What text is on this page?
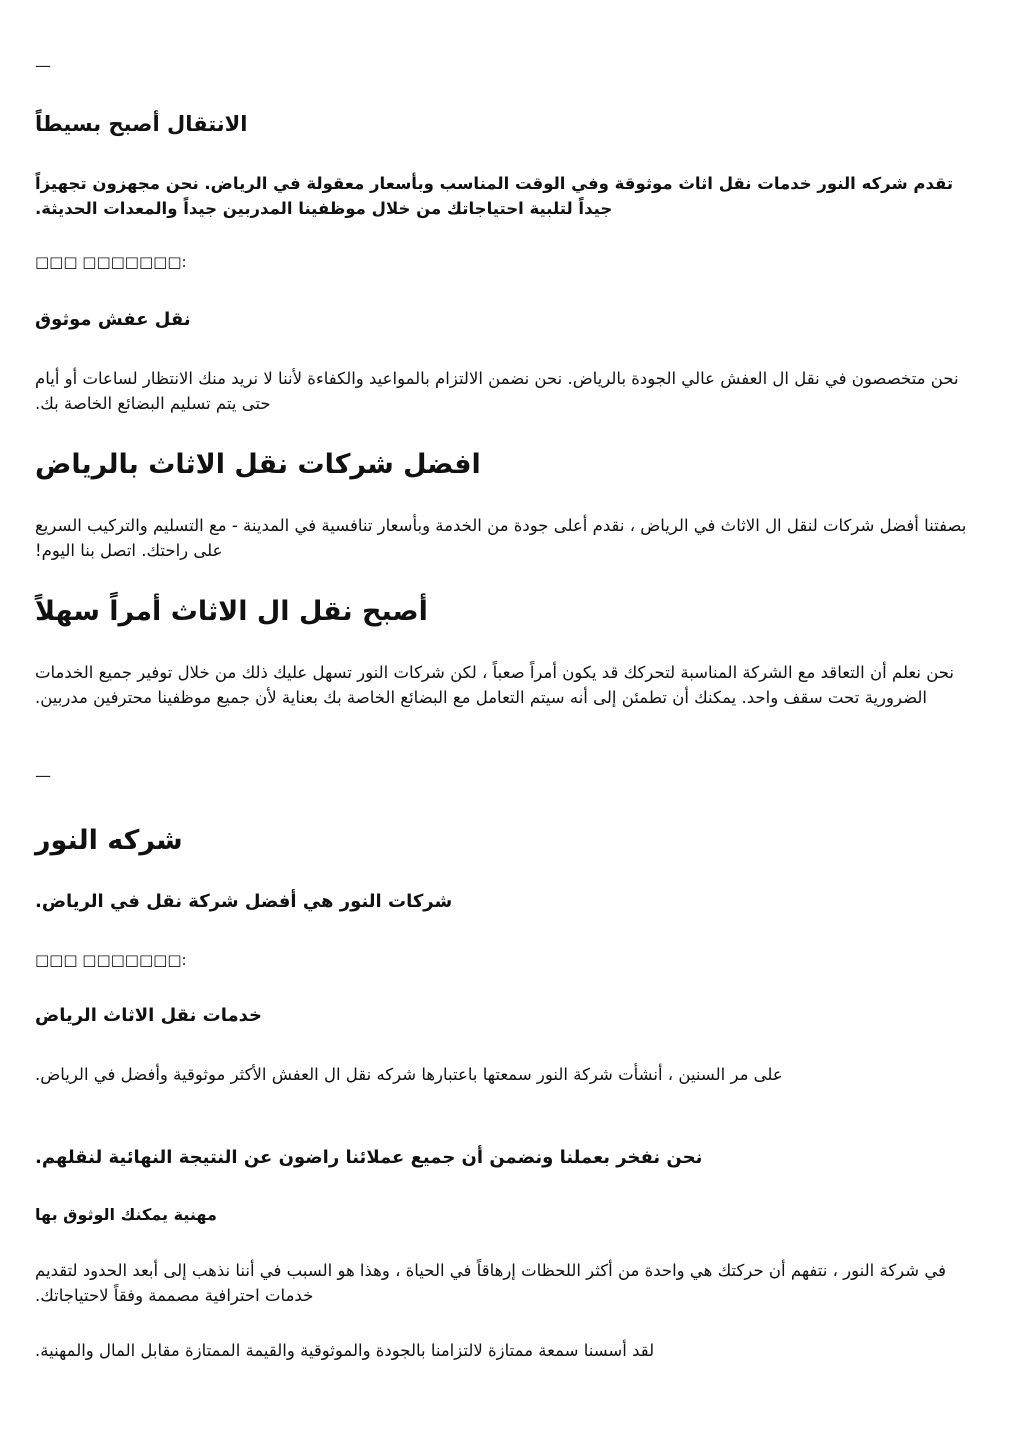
—
الانتقال أصبح بسيطاً
تقدم شركه النور خدمات نقل اثاث موثوقة وفي الوقت المناسب وبأسعار معقولة في الرياض. نحن مجهزون تجهيزاً جيداً لتلبية احتياجاتك من خلال موظفينا المدربين جيداً والمعدات الحديثة.
□□□ □□□□□□□:
نقل عفش موثوق
نحن متخصصون في نقل ال العفش عالي الجودة بالرياض. نحن نضمن الالتزام بالمواعيد والكفاءة لأننا لا نريد منك الانتظار لساعات أو أيام حتى يتم تسليم البضائع الخاصة بك.
افضل شركات نقل الاثاث بالرياض
بصفتنا أفضل شركات لنقل ال الاثاث في الرياض ، نقدم أعلى جودة من الخدمة وبأسعار تنافسية في المدينة - مع التسليم والتركيب السريع على راحتك. اتصل بنا اليوم!
أصبح نقل ال الاثاث أمراً سهلاً
نحن نعلم أن التعاقد مع الشركة المناسبة لتحركك قد يكون أمراً صعباً ، لكن شركات النور تسهل عليك ذلك من خلال توفير جميع الخدمات الضرورية تحت سقف واحد. يمكنك أن تطمئن إلى أنه سيتم التعامل مع البضائع الخاصة بك بعناية لأن جميع موظفينا محترفين مدربين.
—
شركه النور
شركات النور هي أفضل شركة نقل في الرياض.
□□□ □□□□□□□:
خدمات نقل الاثاث الرياض
على مر السنين ، أنشأت شركة النور سمعتها باعتبارها شركه نقل ال العفش الأكثر موثوقية وأفضل في الرياض.
نحن نفخر بعملنا ونضمن أن جميع عملائنا راضون عن النتيجة النهائية لنقلهم.
مهنية يمكنك الوثوق بها
في شركة النور ، نتفهم أن حركتك هي واحدة من أكثر اللحظات إرهاقاً في الحياة ، وهذا هو السبب في أننا نذهب إلى أبعد الحدود لتقديم خدمات احترافية مصممة وفقاً لاحتياجاتك.
لقد أسسنا سمعة ممتازة لالتزامنا بالجودة والموثوقية والقيمة الممتازة مقابل المال والمهنية.
